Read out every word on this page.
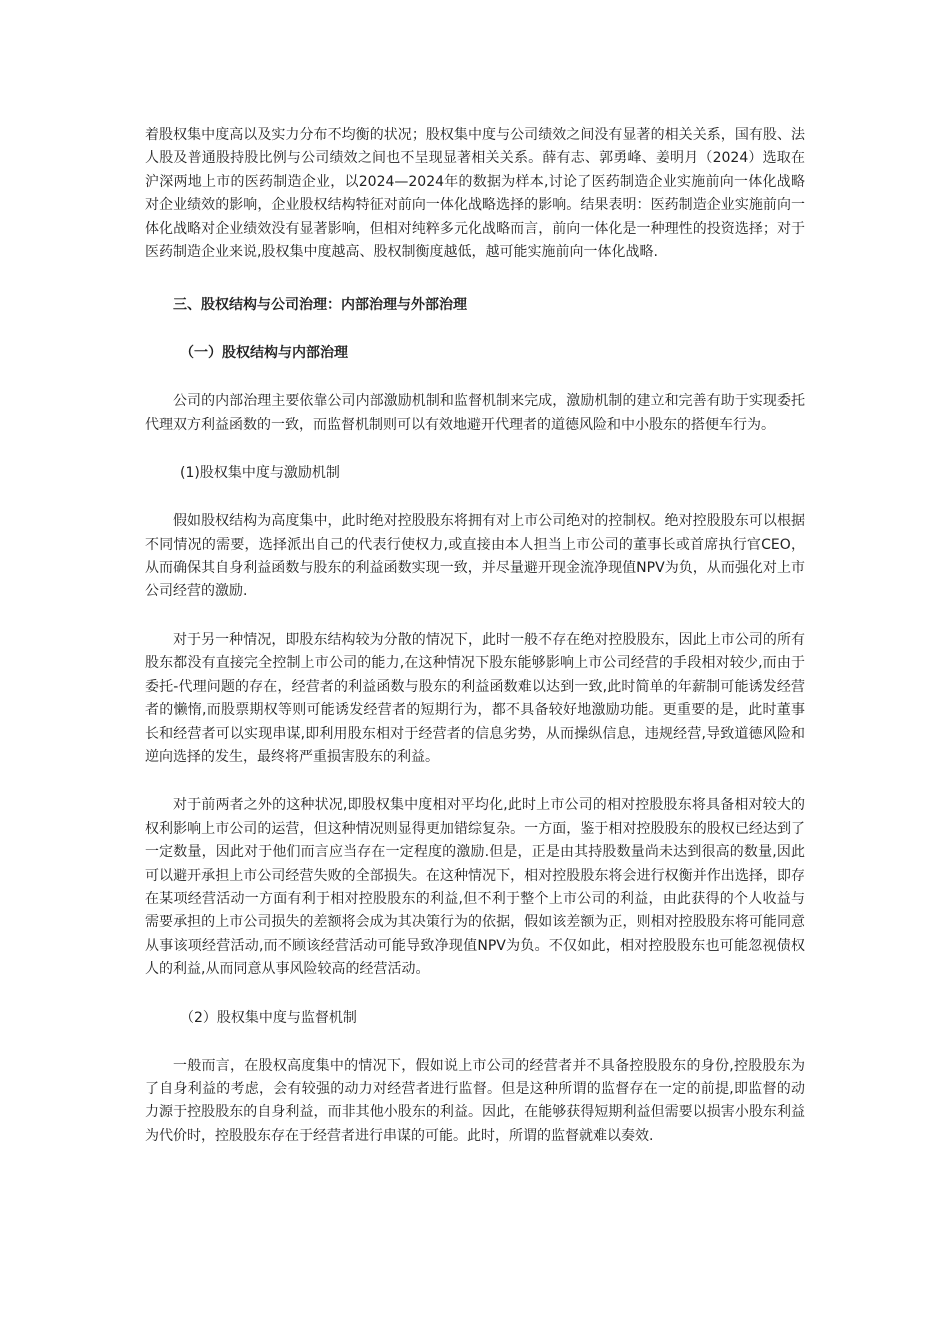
着股权集中度高以及实力分布不均衡的状况；股权集中度与公司绩效之间没有显著的相关关系，国有股、法人股及普通股持股比例与公司绩效之间也不呈现显著相关关系。薛有志、郭勇峰、姜明月（2024）选取在沪深两地上市的医药制造企业，以2024—2024年的数据为样本,讨论了医药制造企业实施前向一体化战略对企业绩效的影响，企业股权结构特征对前向一体化战略选择的影响。结果表明：医药制造企业实施前向一体化战略对企业绩效没有显著影响，但相对纯粹多元化战略而言，前向一体化是一种理性的投资选择；对于医药制造企业来说,股权集中度越高、股权制衡度越低，越可能实施前向一体化战略.

三、股权结构与公司治理：内部治理与外部治理

（一）股权结构与内部治理

公司的内部治理主要依靠公司内部激励机制和监督机制来完成，激励机制的建立和完善有助于实现委托代理双方利益函数的一致，而监督机制则可以有效地避开代理者的道德风险和中小股东的搭便车行为。

(1)股权集中度与激励机制

假如股权结构为高度集中，此时绝对控股股东将拥有对上市公司绝对的控制权。绝对控股股东可以根据不同情况的需要，选择派出自己的代表行使权力,或直接由本人担当上市公司的董事长或首席执行官CEO，从而确保其自身利益函数与股东的利益函数实现一致，并尽量避开现金流净现值NPV为负，从而强化对上市公司经营的激励.

对于另一种情况，即股东结构较为分散的情况下，此时一般不存在绝对控股股东，因此上市公司的所有股东都没有直接完全控制上市公司的能力,在这种情况下股东能够影响上市公司经营的手段相对较少,而由于委托-代理问题的存在，经营者的利益函数与股东的利益函数难以达到一致,此时简单的年薪制可能诱发经营者的懒惰,而股票期权等则可能诱发经营者的短期行为，都不具备较好地激励功能。更重要的是，此时董事长和经营者可以实现串谋,即利用股东相对于经营者的信息劣势，从而操纵信息，违规经营,导致道德风险和逆向选择的发生，最终将严重损害股东的利益。

对于前两者之外的这种状况,即股权集中度相对平均化,此时上市公司的相对控股股东将具备相对较大的权利影响上市公司的运营，但这种情况则显得更加错综复杂。一方面，鉴于相对控股股东的股权已经达到了一定数量，因此对于他们而言应当存在一定程度的激励.但是，正是由其持股数量尚未达到很高的数量,因此可以避开承担上市公司经营失败的全部损失。在这种情况下，相对控股股东将会进行权衡并作出选择，即存在某项经营活动一方面有利于相对控股股东的利益,但不利于整个上市公司的利益，由此获得的个人收益与需要承担的上市公司损失的差额将会成为其决策行为的依据，假如该差额为正，则相对控股股东将可能同意从事该项经营活动,而不顾该经营活动可能导致净现值NPV为负。不仅如此，相对控股股东也可能忽视债权人的利益,从而同意从事风险较高的经营活动。

（2）股权集中度与监督机制

一般而言，在股权高度集中的情况下，假如说上市公司的经营者并不具备控股股东的身份,控股股东为了自身利益的考虑，会有较强的动力对经营者进行监督。但是这种所谓的监督存在一定的前提,即监督的动力源于控股股东的自身利益，而非其他小股东的利益。因此，在能够获得短期利益但需要以损害小股东利益为代价时，控股股东存在于经营者进行串谋的可能。此时，所谓的监督就难以奏效.
